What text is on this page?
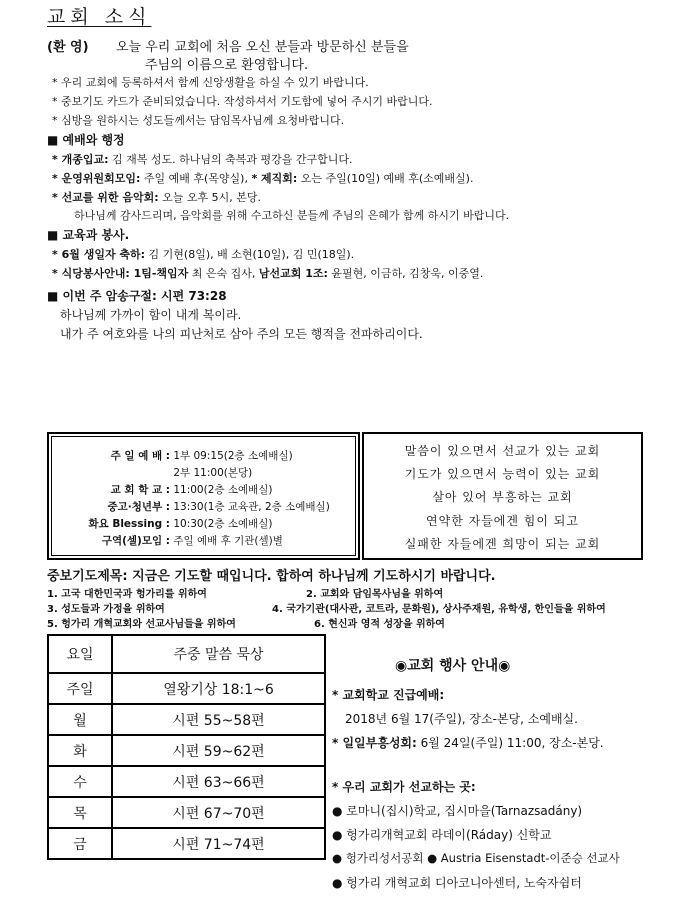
교회 소식
(환 영) 오늘 우리 교회에 처음 오신 분들과 방문하신 분들을
주님의 이름으로 환영합니다.
* 우리 교회에 등록하셔서 함께 신앙생활을 하실 수 있기 바랍니다.
* 중보기도 카드가 준비되었습니다. 작성하셔서 기도함에 넣어 주시기 바랍니다.
* 심방을 원하시는 성도들께서는 담임목사님께 요청바랍니다.
■ 예배와 행정
* 개종입교: 김 재복 성도. 하나님의 축복과 평강을 간구합니다.
* 운영위원회모임: 주일 예배 후(목양실), * 제직회: 오는 주일(10일) 예배 후(소예배실).
* 선교를 위한 음악회: 오늘 오후 5시, 본당.
하나님께 감사드리며, 음악회를 위해 수고하신 분들께 주님의 은혜가 함께 하시기 바랍니다.
■ 교육과 봉사.
* 6월 생일자 축하: 김 기현(8일), 배 소현(10일), 김 민(18일).
* 식당봉사안내: 1팀-책임자 최 은숙 집사, 남선교회 1조: 윤필현, 이금하, 김창욱, 이중열.
■ 이번 주 암송구절: 시편 73:28
하나님께 가까이 함이 내게 복이라.
내가 주 여호와를 나의 피난처로 삼아 주의 모든 행적을 전파하리이다.
주 일 예 배 : 1부 09:15(2층 소예배실)
2부 11:00(본당)
교 회 학 교 : 11:00(2층 소예배실)
중고·청년부 : 13:30(1층 교육관, 2층 소예배실)
화요 Blessing : 10:30(2층 소예배실)
구역(셀)모임 : 주일 예배 후 기관(셀)별
말씀이 있으면서 선교가 있는 교회
기도가 있으면서 능력이 있는 교회
살아 있어 부흥하는 교회
연약한 자들에겐 힘이 되고
실패한 자들에겐 희망이 되는 교회
중보기도제목: 지금은 기도할 때입니다. 합하여 하나님께 기도하시기 바랍니다.
1. 고국 대한민국과 헝가리를 위하여	2. 교회와 담임목사님을 위하여
3. 성도들과 가정을 위하여	4. 국가기관(대사관, 코트라, 문화원), 상사주재원, 유학생, 한인들을 위하여
5. 헝가리 개혁교회와 선교사님들을 위하여	6. 현신과 영적 성장을 위하여
요일	주중 말씀 묵상
주일	열왕기상 18:1~6
월	시편 55~58편
화	시편 59~62편
수	시편 63~66편
목	시편 67~70편
금	시편 71~74편
◉교회 행사 안내◉
* 교회학교 진급예배:
2018년 6월 17(주일), 장소-본당, 소예배실.
* 일일부흥성회: 6월 24일(주일) 11:00, 장소-본당.
* 우리 교회가 선교하는 곳:
● 로마니(집시)학교, 집시마을(Tarnazsadány)
● 헝가리개혁교회 라데이(Ráday) 신학교
● 헝가리성서공회 ● Austria Eisenstadt-이준승 선교사
● 헝가리 개혁교회 디아코니아센터, 노숙자쉼터
